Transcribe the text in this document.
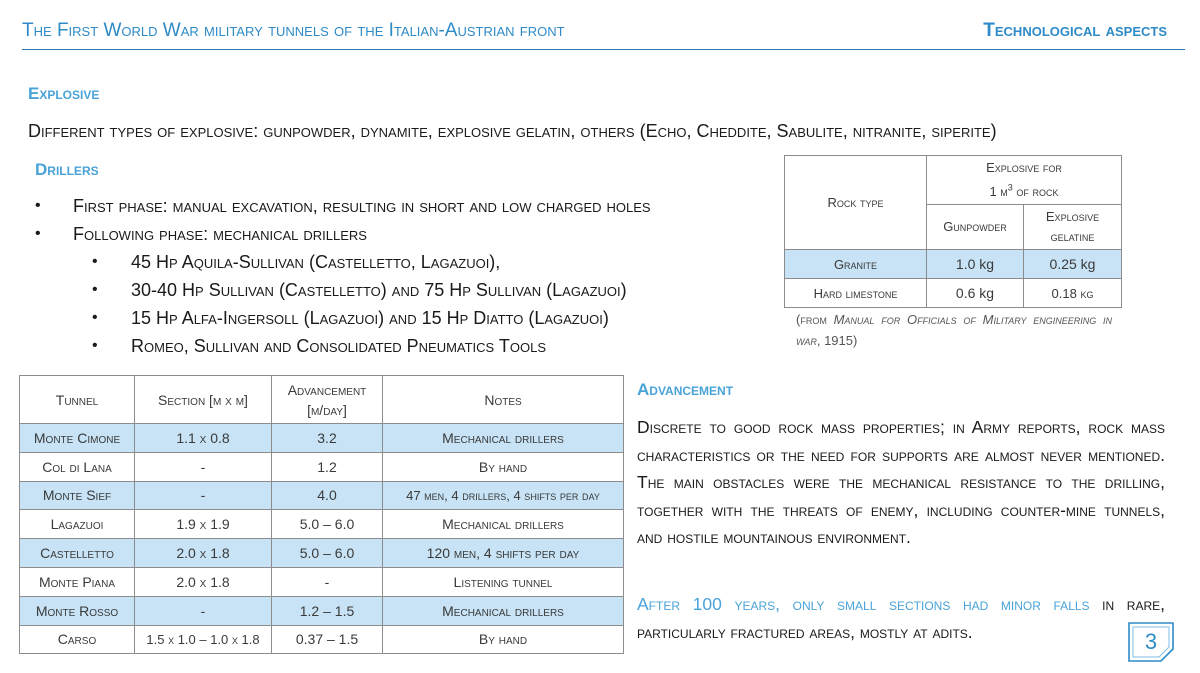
The First World War military tunnels of the Italian-Austrian front	Technological aspects
Explosive
Different types of explosive: gunpowder, dynamite, explosive gelatin, others (Echo, Cheddite, Sabulite, nitranite, siperite)
Drillers
• First phase: manual excavation, resulting in short and low charged holes
• Following phase: mechanical drillers
• 45 Hp Aquila-Sullivan (Castelletto, Lagazuoi),
• 30-40 Hp Sullivan (Castelletto) and 75 Hp Sullivan (Lagazuoi)
• 15 Hp Alfa-Ingersoll (Lagazuoi) and 15 Hp Diatto (Lagazuoi)
• Romeo, Sullivan and Consolidated Pneumatics Tools
Rock type	Explosive for
1 $m^3$ of rock	
	Gunpowder	Explosive
gelatine
Granite	1.0 kg	0.25 kg
Hard limestone	0.6 kg	0.18 kg
(from Manual for Officials of Military engineering in war, 1915)
Tunnel	Section [m x m]	Advancement
[m/day]	Notes
Monte Cimone	1.1 x 0.8	3.2	Mechanical drillers
Col di Lana	-	1.2	By hand
Monte Sief	-	4.0	47 men, 4 drillers, 4 shifts per day
Lagazuoi	1.9 x 1.9	5.0 – 6.0	Mechanical drillers
Castelletto	2.0 x 1.8	5.0 – 6.0	120 men, 4 shifts per day
Monte Piana	2.0 x 1.8	-	Listening tunnel
Monte Rosso	-	1.2 – 1.5	Mechanical drillers
Carso	1.5 x 1.0 – 1.0 x 1.8	0.37 – 1.5	By hand
Advancement
Discrete to good rock mass properties; in Army reports, rock mass characteristics or the need for supports are almost never mentioned. The main obstacles were the mechanical resistance to the drilling, together with the threats of enemy, including counter-mine tunnels, and hostile mountainous environment.
After 100 years, only small sections had minor falls in rare, particularly fractured areas, mostly at adits.	3
